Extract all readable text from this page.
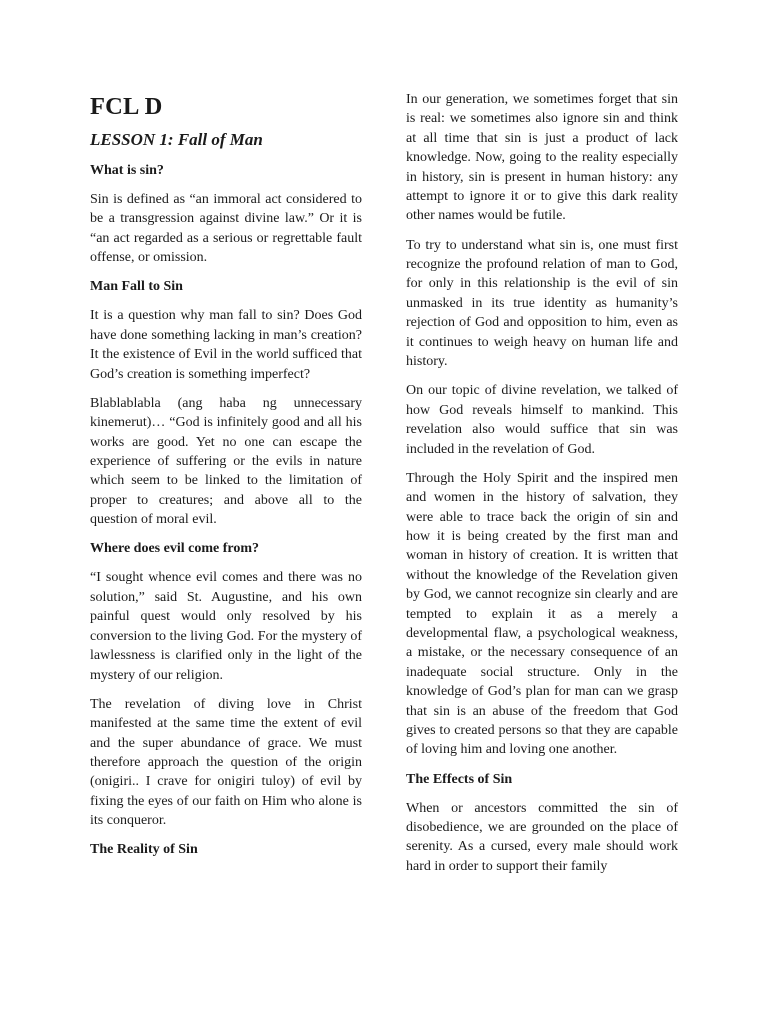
FCL D
LESSON 1: Fall of Man
What is sin?

Sin is defined as “an immoral act considered to be a transgression against divine law.” Or it is “an act regarded as a serious or regrettable fault offense, or omission.

Man Fall to Sin

It is a question why man fall to sin? Does God have done something lacking in man’s creation? It the existence of Evil in the world sufficed that God’s creation is something imperfect?

Blablablabla (ang haba ng unnecessary kinemerut)… “God is infinitely good and all his works are good. Yet no one can escape the experience of suffering or the evils in nature which seem to be linked to the limitation of proper to creatures; and above all to the question of moral evil.

Where does evil come from?

“I sought whence evil comes and there was no solution,” said St. Augustine, and his own painful quest would only resolved by his conversion to the living God. For the mystery of lawlessness is clarified only in the light of the mystery of our religion.

The revelation of diving love in Christ manifested at the same time the extent of evil and the super abundance of grace. We must therefore approach the question of the origin (onigiri.. I crave for onigiri tuloy) of evil by fixing the eyes of our faith on Him who alone is its conqueror.

The Reality of Sin

In our generation, we sometimes forget that sin is real: we sometimes also ignore sin and think at all time that sin is just a product of lack knowledge. Now, going to the reality especially in history, sin is present in human history: any attempt to ignore it or to give this dark reality other names would be futile.

To try to understand what sin is, one must first recognize the profound relation of man to God, for only in this relationship is the evil of sin unmasked in its true identity as humanity’s rejection of God and opposition to him, even as it continues to weigh heavy on human life and history.

On our topic of divine revelation, we talked of how God reveals himself to mankind. This revelation also would suffice that sin was included in the revelation of God.

Through the Holy Spirit and the inspired men and women in the history of salvation, they were able to trace back the origin of sin and how it is being created by the first man and woman in history of creation. It is written that without the knowledge of the Revelation given by God, we cannot recognize sin clearly and are tempted to explain it as a merely a developmental flaw, a psychological weakness, a mistake, or the necessary consequence of an inadequate social structure. Only in the knowledge of God’s plan for man can we grasp that sin is an abuse of the freedom that God gives to created persons so that they are capable of loving him and loving one another.

The Effects of Sin

When or ancestors committed the sin of disobedience, we are grounded on the place of serenity. As a cursed, every male should work hard in order to support their family
